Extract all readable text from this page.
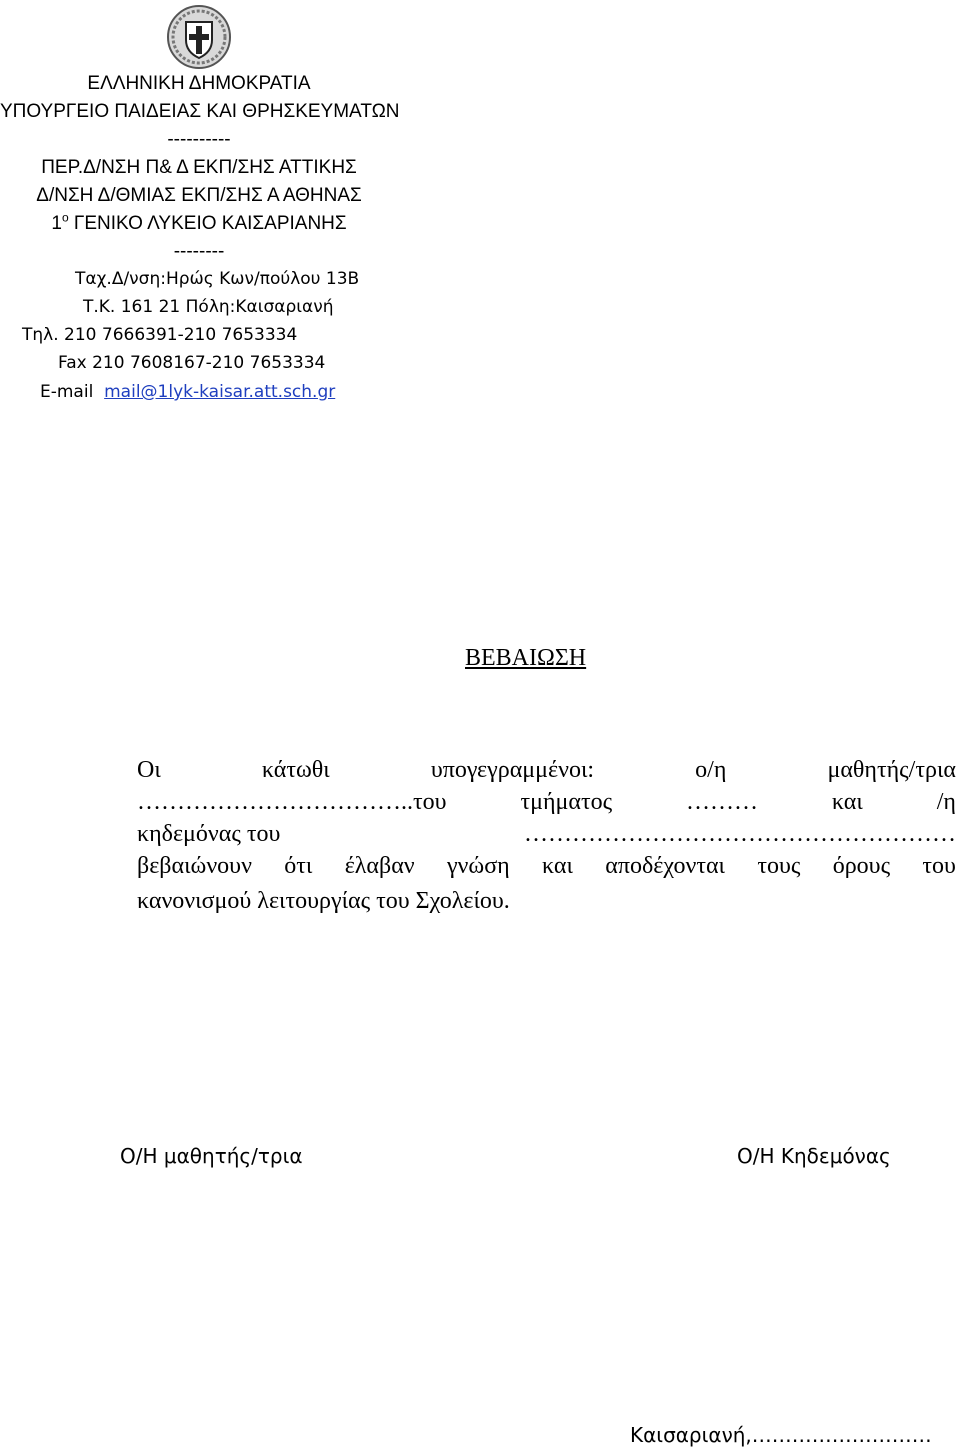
ΕΛΛΗΝΙΚΗ ΔΗΜΟΚΡΑΤΙΑ
ΥΠΟΥΡΓΕΙΟ ΠΑΙΔΕΙΑΣ ΚΑΙ ΘΡΗΣΚΕΥΜΑΤΩΝ
----------
ΠΕΡ.Δ/ΝΣΗ Π& Δ ΕΚΠ/ΣΗΣ ΑΤΤΙΚΗΣ
Δ/ΝΣΗ Δ/ΘΜΙΑΣ ΕΚΠ/ΣΗΣ Α ΑΘΗΝΑΣ
$1^o$ ΓΕΝΙΚΟ ΛΥΚΕΙΟ ΚΑΙΣΑΡΙΑΝΗΣ
--------
Ταχ.Δ/νση:Ηρώς Κων/πούλου 13Β
Τ.Κ. 161 21 Πόλη:Καισαριανή
Τηλ. 210 7666391-210 7653334
Fax 210 7608167-210 7653334
E-mail mail@1lyk-kaisar.att.sch.gr
ΒΕΒΑΙΩΣΗ
Οι	κάτωθι	υπογεγραμμένοι:	ο/η	μαθητής/τρια
……………………………..του	τμήματος	………	και	/η
κηδεμόνας του	………………………………………………
βεβαιώνουν ότι έλαβαν γνώση και αποδέχονται τους όρους του
κανονισμού λειτουργίας του Σχολείου.
Ο/Η μαθητής/τρια	Ο/Η Κηδεμόνας
Καισαριανή,………………………
